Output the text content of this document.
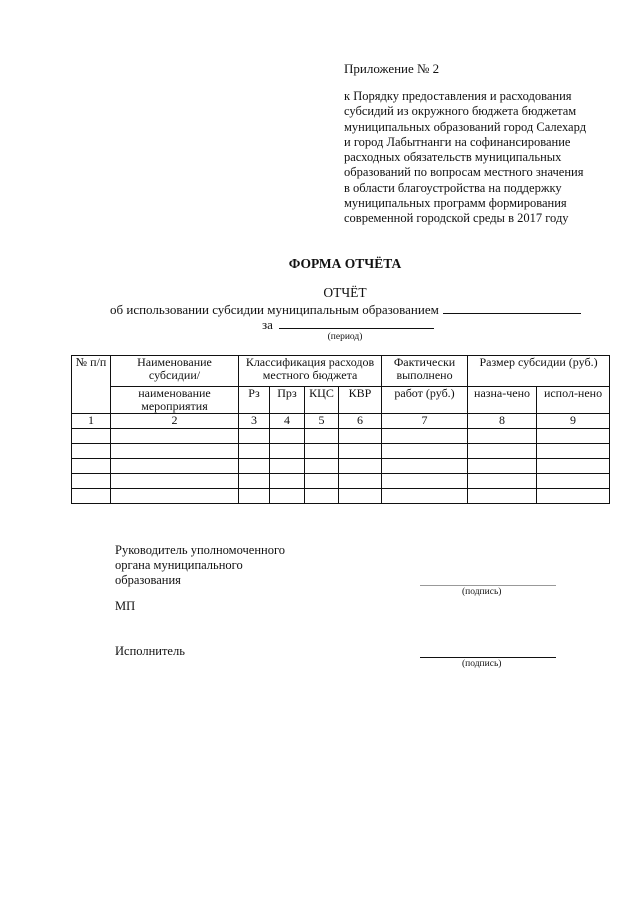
Приложение № 2
к Порядку предоставления и расходования
субсидий из окружного бюджета бюджетам
муниципальных образований город Салехард
и город Лабытнанги на софинансирование
расходных обязательств муниципальных
образований по вопросам местного значения
в области благоустройства на поддержку
муниципальных программ формирования
современной городской среды в 2017 году
ФОРМА ОТЧЁТА
ОТЧЁТ
об использовании субсидии муниципальным образованием
за
(период)
№ п/п	Наименование субсидии/	Классификация расходов местного бюджета				Фактически выполнено	Размер субсидии (руб.)	
	наименование мероприятия	Рз	Прз	КЦС	КВР	работ (руб.)	назна-чено	испол-нено
1	2	3	4	5	6	7	8	9

Руководитель уполномоченного
органа муниципального
образования
(подпись)
МП
Исполнитель
(подпись)
